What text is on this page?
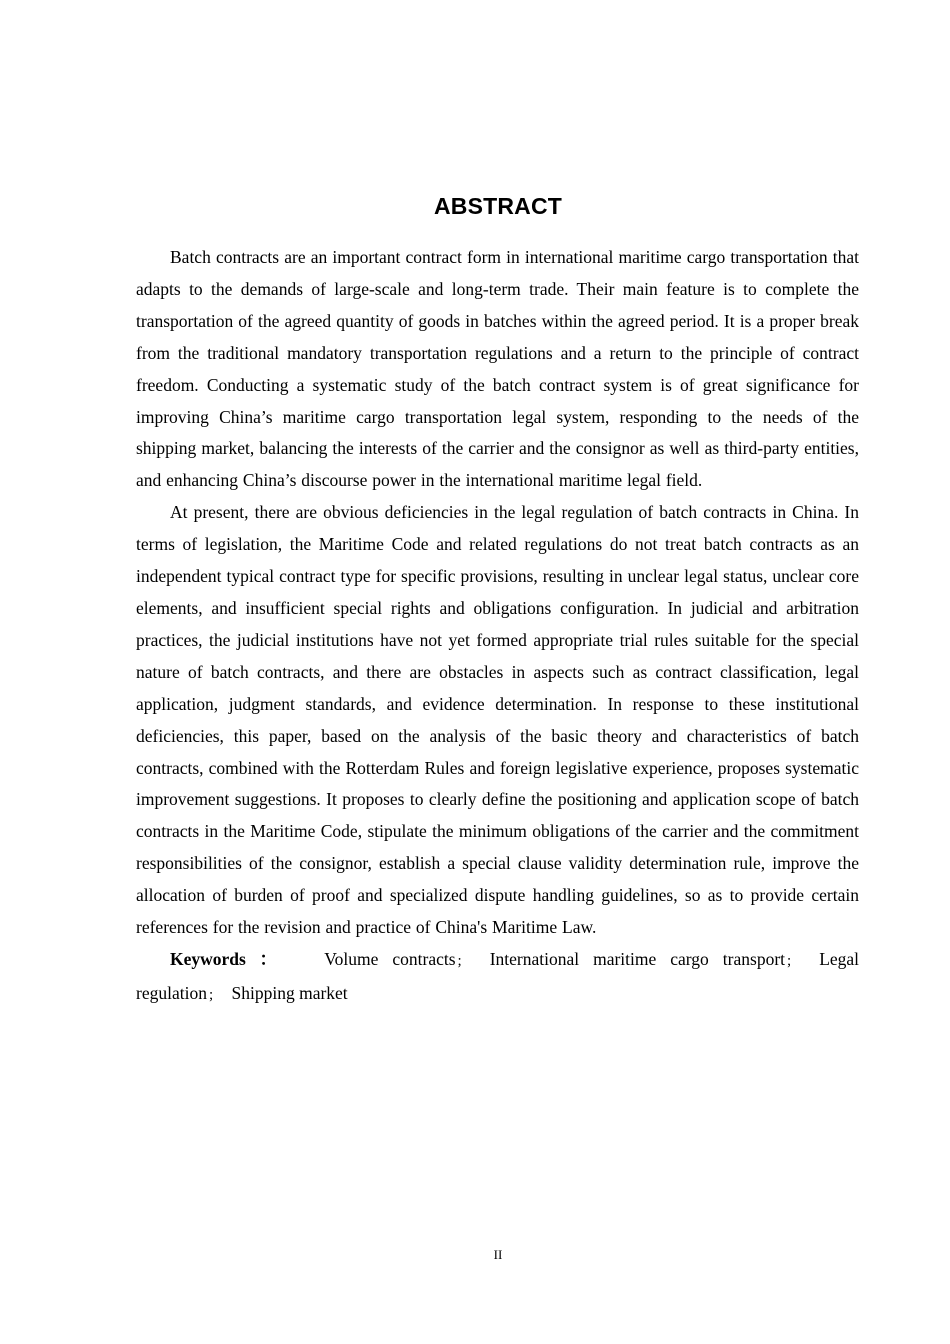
ABSTRACT

Batch contracts are an important contract form in international maritime cargo transportation that adapts to the demands of large-scale and long-term trade. Their main feature is to complete the transportation of the agreed quantity of goods in batches within the agreed period. It is a proper break from the traditional mandatory transportation regulations and a return to the principle of contract freedom. Conducting a systematic study of the batch contract system is of great significance for improving China’s maritime cargo transportation legal system, responding to the needs of the shipping market, balancing the interests of the carrier and the consignor as well as third-party entities, and enhancing China’s discourse power in the international maritime legal field.

At present, there are obvious deficiencies in the legal regulation of batch contracts in China. In terms of legislation, the Maritime Code and related regulations do not treat batch contracts as an independent typical contract type for specific provisions, resulting in unclear legal status, unclear core elements, and insufficient special rights and obligations configuration. In judicial and arbitration practices, the judicial institutions have not yet formed appropriate trial rules suitable for the special nature of batch contracts, and there are obstacles in aspects such as contract classification, legal application, judgment standards, and evidence determination. In response to these institutional deficiencies, this paper, based on the analysis of the basic theory and characteristics of batch contracts, combined with the Rotterdam Rules and foreign legislative experience, proposes systematic improvement suggestions. It proposes to clearly define the positioning and application scope of batch contracts in the Maritime Code, stipulate the minimum obligations of the carrier and the commitment responsibilities of the consignor, establish a special clause validity determination rule, improve the allocation of burden of proof and specialized dispute handling guidelines, so as to provide certain references for the revision and practice of China's Maritime Law.

Keywords ： Volume contracts ; International maritime cargo transport ; Legal regulation ; Shipping market

II
